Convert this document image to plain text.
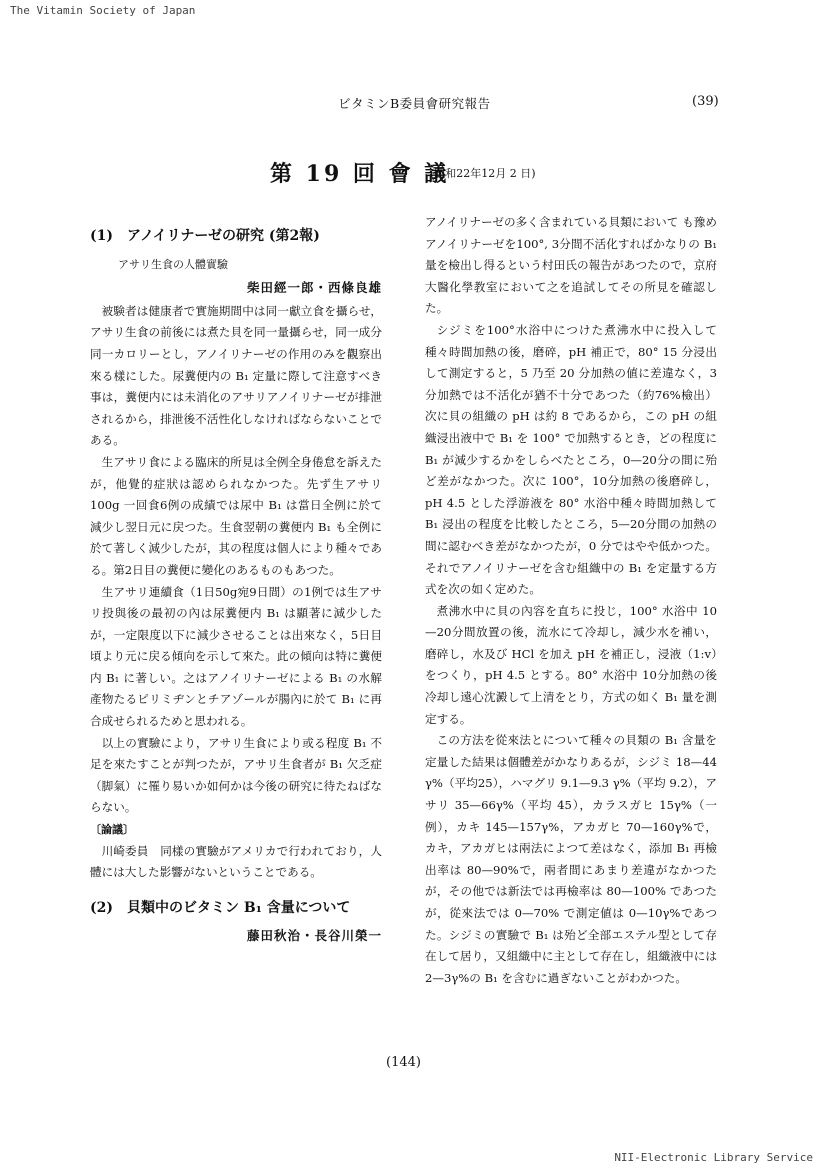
The Vitamin Society of Japan
ビタミンB委員會研究報告	(39)
第 19 回 會 議
(昭和22年12月 2 日)
(1)　アノイリナーゼの研究 (第2報)
アサリ生食の人體實驗
柴田經一郎・西條良雄

被験者は健康者で實施期間中は同一獻立食を攝らせ，アサリ生食の前後には煮た貝を同一量攝らせ，同一成分同一カロリーとし，アノイリナーゼの作用のみを觀察出來る樣にした。尿糞便内の B₁ 定量に際して注意すべき事は，糞便内には未消化のアサリアノイリナーゼが排泄されるから，排泄後不活性化しなければならないことである。

生アサリ食による臨床的所見は全例全身倦怠を訴えたが，他覺的症狀は認められなかつた。先ず生アサリ 100g 一回食6例の成績では尿中 B₁ は當日全例に於て減少し翌日元に戻つた。生食翌朝の糞便内 B₁ も全例に於て著しく減少したが，其の程度は個人により種々である。第2日目の糞便に變化のあるものもあつた。

生アサリ連續食（1日50g宛9日間）の1例では生アサリ投與後の最初の內は尿糞便内 B₁ は顯著に減少したが，一定限度以下に減少させることは出來なく，5日目頃より元に戻る傾向を示して來た。此の傾向は特に糞便内 B₁ に著しい。之はアノイリナーゼによる B₁ の水解產物たるピリミヂンとチアゾールが腸內に於て B₁ に再合成せられるためと思われる。

以上の實驗により，アサリ生食により或る程度 B₁ 不足を來たすことが判つたが，アサリ生食者が B₁ 欠乏症（脚氣）に罹り易いか如何かは今後の研究に待たねばならない。

〔論議〕

川崎委員　同樣の實驗がアメリカで行われており，人體には大した影響がないということである。

(2)　貝類中のビタミン B₁ 含量について
藤田秋治・長谷川榮一

アノイリナーゼの多く含まれている貝類において も豫めアノイリナーゼを100°, 3分間不活化すればかなりの B₁ 量を檢出し得るという村田氏の報告があつたので，京府大醫化學教室において之を追試してその所見を確認した。

シジミを100°水浴中につけた煮沸水中に投入して種々時間加熱の後，磨碎，pH 補正で，80° 15 分浸出して測定すると，5 乃至 20 分加熱の値に差違なく，3 分加熱では不活化が猶不十分であつた（約76%檢出）次に貝の組織の pH は約 8 であるから，この pH の組織浸出液中で B₁ を 100° で加熱するとき，どの程度に B₁ が減少するかをしらべたところ，0—20分の間に殆ど差がなかつた。次に 100°，10分加熱の後磨碎し，pH 4.5 とした浮游液を 80° 水浴中種々時間加熱して B₁ 浸出の程度を比較したところ，5—20分間の加熱の間に認むべき差がなかつたが，0 分ではやや低かつた。それでアノイリナーゼを含む組織中の B₁ を定量する方式を次の如く定めた。

煮沸水中に貝の內容を直ちに投じ，100° 水浴中 10—20分間放置の後，流水にて冷却し，減少水を補い，磨碎し，水及び HCl を加え pH を補正し，浸液（1:v）をつくり，pH 4.5 とする。80° 水浴中 10分加熱の後冷却し遠心沈澱して上清をとり，方式の如く B₁ 量を測定する。

この方法を從來法とについて種々の貝類の B₁ 含量を定量した結果は個體差がかなりあるが，シジミ 18—44 γ%（平均25），ハマグリ 9.1—9.3 γ%（平均 9.2），アサリ 35—66γ%（平均 45），カラスガヒ 15γ%（一例），カキ 145—157γ%，アカガヒ 70—160γ%で，カキ，アカガヒは兩法によつて差はなく，添加 B₁ 再檢出率は 80—90%で，兩者間にあまり差違がなかつたが，その他では新法では再檢率は 80—100% であつたが，從來法では 0—70% で測定値は 0—10γ%であつた。シジミの實驗で B₁ は殆ど全部エステル型として存在して居り，又組織中に主として存在し，組織液中には 2—3γ%の B₁ を含むに過ぎないことがわかつた。

(144)
NII-Electronic Library Service
